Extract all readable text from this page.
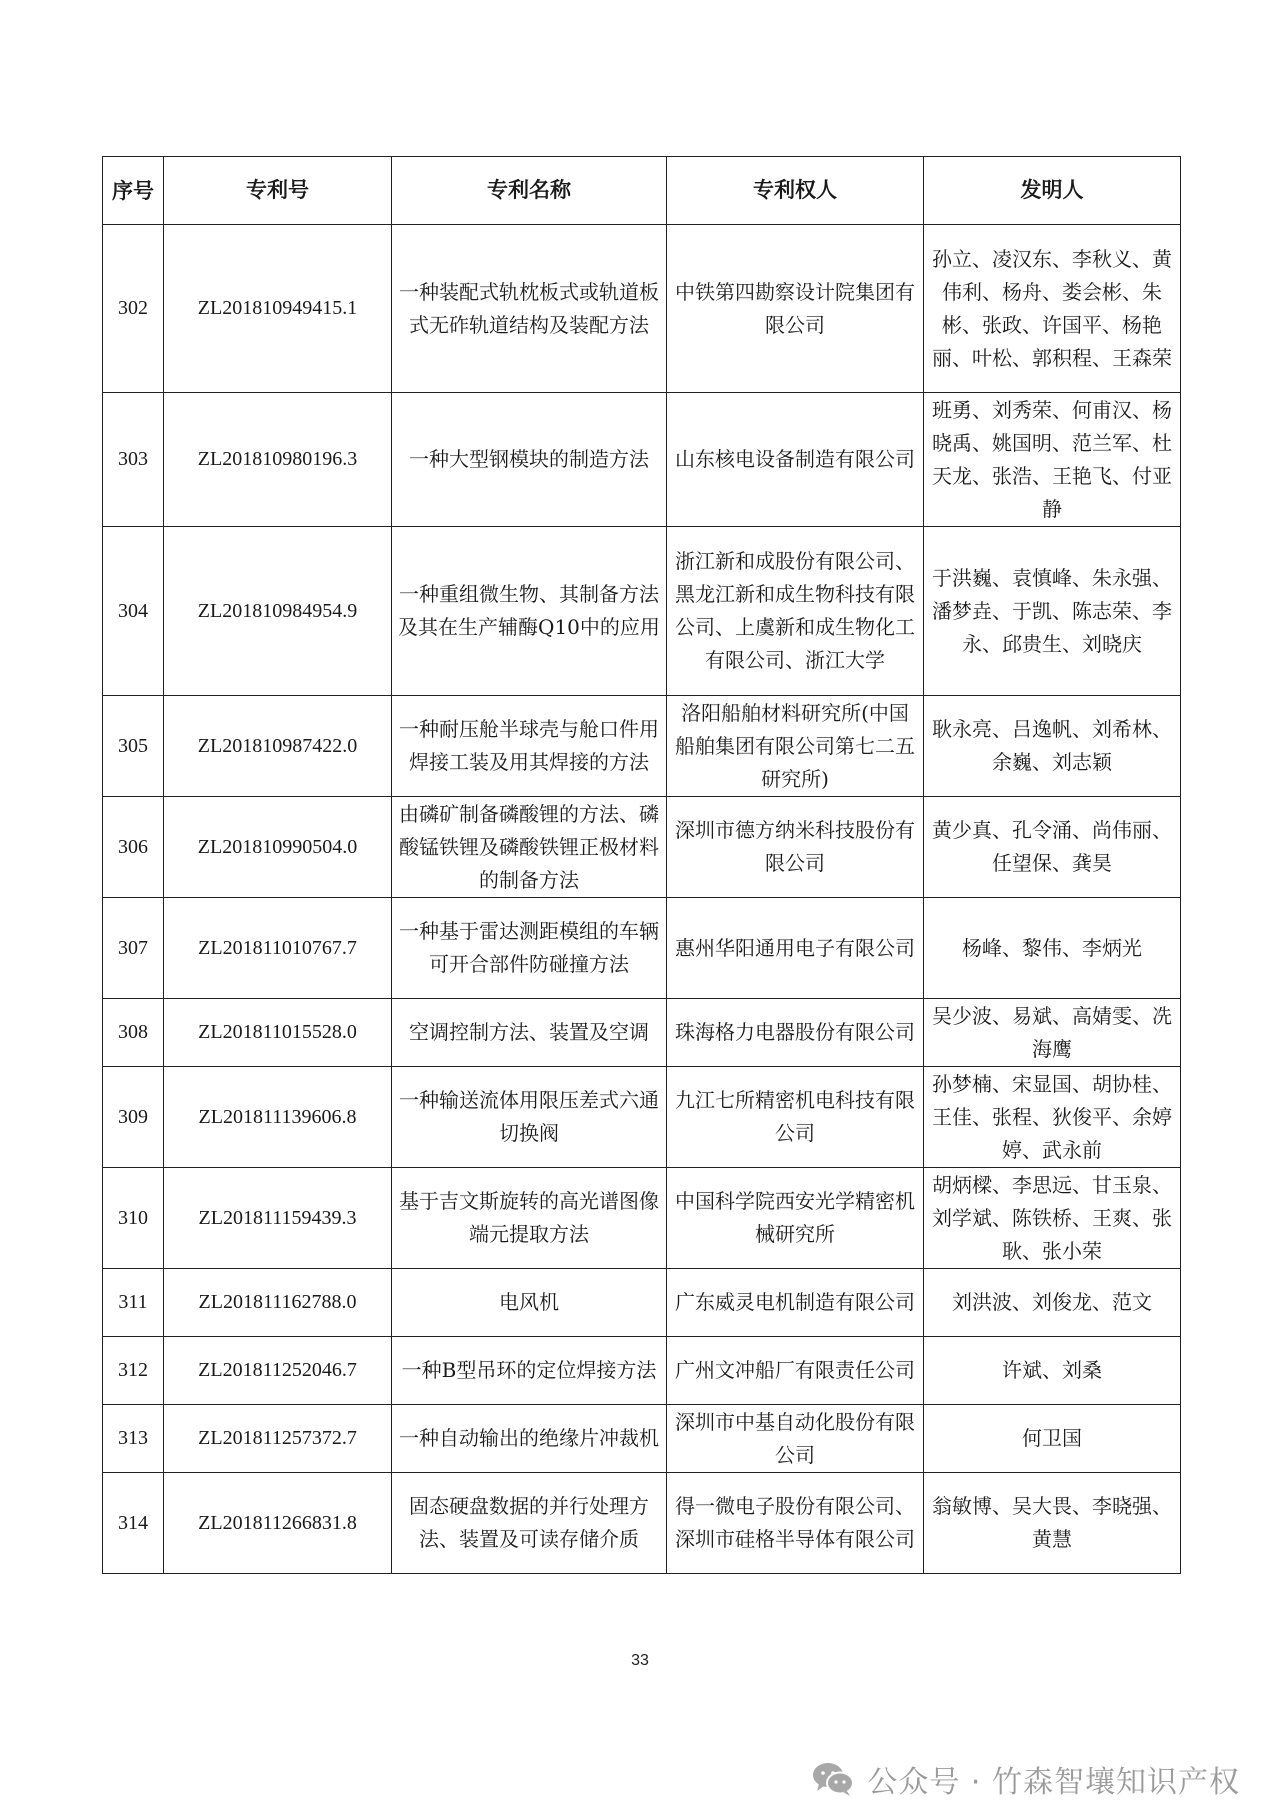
序号	专利号	专利名称	专利权人	发明人
302	ZL201810949415.1	一种装配式轨枕板式或轨道板式无砟轨道结构及装配方法	中铁第四勘察设计院集团有限公司	孙立、凌汉东、李秋义、黄伟利、杨舟、娄会彬、朱彬、张政、许国平、杨艳丽、叶松、郭积程、王森荣
303	ZL201810980196.3	一种大型钢模块的制造方法	山东核电设备制造有限公司	班勇、刘秀荣、何甫汉、杨晓禹、姚国明、范兰军、杜天龙、张浩、王艳飞、付亚静
304	ZL201810984954.9	一种重组微生物、其制备方法及其在生产辅酶Q10中的应用	浙江新和成股份有限公司、黑龙江新和成生物科技有限公司、上虞新和成生物化工有限公司、浙江大学	于洪巍、袁慎峰、朱永强、潘梦垚、于凯、陈志荣、李永、邱贵生、刘晓庆
305	ZL201810987422.0	一种耐压舱半球壳与舱口件用焊接工装及用其焊接的方法	洛阳船舶材料研究所(中国船舶集团有限公司第七二五研究所)	耿永亮、吕逸帆、刘希林、余巍、刘志颖
306	ZL201810990504.0	由磷矿制备磷酸锂的方法、磷酸锰铁锂及磷酸铁锂正极材料的制备方法	深圳市德方纳米科技股份有限公司	黄少真、孔令涌、尚伟丽、任望保、龚昊
307	ZL201811010767.7	一种基于雷达测距模组的车辆可开合部件防碰撞方法	惠州华阳通用电子有限公司	杨峰、黎伟、李炳光
308	ZL201811015528.0	空调控制方法、装置及空调	珠海格力电器股份有限公司	吴少波、易斌、高婧雯、冼海鹰
309	ZL201811139606.8	一种输送流体用限压差式六通切换阀	九江七所精密机电科技有限公司	孙梦楠、宋显国、胡协桂、王佳、张程、狄俊平、余婷婷、武永前
310	ZL201811159439.3	基于吉文斯旋转的高光谱图像端元提取方法	中国科学院西安光学精密机械研究所	胡炳樑、李思远、甘玉泉、刘学斌、陈铁桥、王爽、张耿、张小荣
311	ZL201811162788.0	电风机	广东威灵电机制造有限公司	刘洪波、刘俊龙、范文
312	ZL201811252046.7	一种B型吊环的定位焊接方法	广州文冲船厂有限责任公司	许斌、刘桑
313	ZL201811257372.7	一种自动输出的绝缘片冲裁机	深圳市中基自动化股份有限公司	何卫国
314	ZL201811266831.8	固态硬盘数据的并行处理方法、装置及可读存储介质	得一微电子股份有限公司、深圳市硅格半导体有限公司	翁敏博、吴大畏、李晓强、黄慧
33
公众号 · 竹森智壤知识产权
